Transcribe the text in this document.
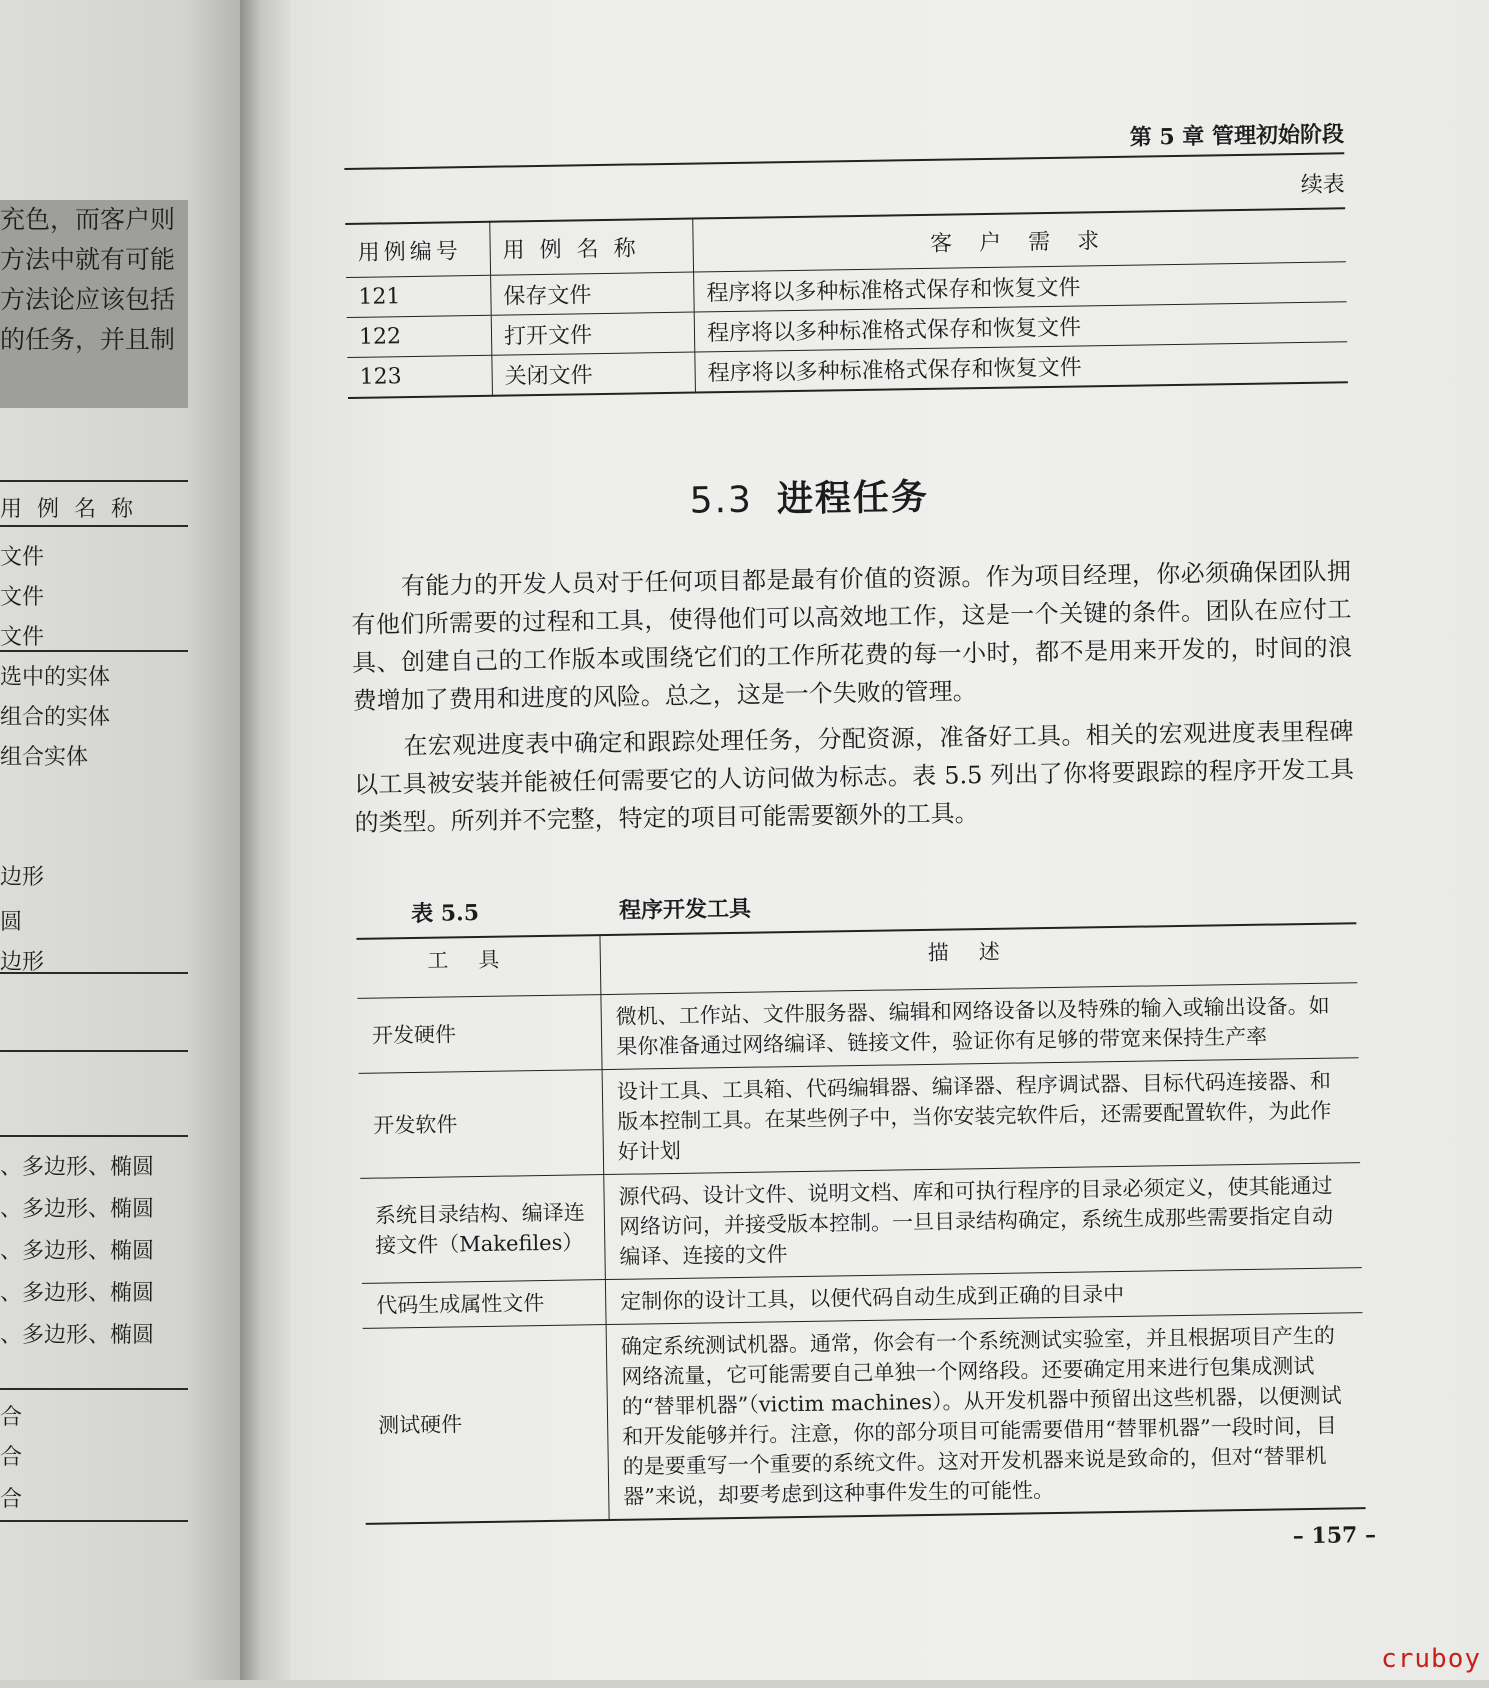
充色，而客户则
方法中就有可能
方法论应该包括
的任务，并且制
用 例 名 称
文件
文件
文件
选中的实体
组合的实体
组合实体
边形
圆
边形
、多边形、椭圆
、多边形、椭圆
、多边形、椭圆
、多边形、椭圆
、多边形、椭圆
合
合
合
第 5 章 管理初始阶段
续表
用例编号	用 例 名 称	客 户 需 求
121	保存文件	程序将以多种标准格式保存和恢复文件
122	打开文件	程序将以多种标准格式保存和恢复文件
123	关闭文件	程序将以多种标准格式保存和恢复文件
5.3 进程任务

有能力的开发人员对于任何项目都是最有价值的资源。作为项目经理，你必须确保团队拥有他们所需要的过程和工具，使得他们可以高效地工作，这是一个关键的条件。团队在应付工具、创建自己的工作版本或围绕它们的工作所花费的每一小时，都不是用来开发的，时间的浪费增加了费用和进度的风险。总之，这是一个失败的管理。

在宏观进度表中确定和跟踪处理任务，分配资源，准备好工具。相关的宏观进度表里程碑以工具被安装并能被任何需要它的人访问做为标志。表 5.5 列出了你将要跟踪的程序开发工具的类型。所列并不完整，特定的项目可能需要额外的工具。

表 5.5	程序开发工具
工具	描述
开发硬件	微机、工作站、文件服务器、编辑和网络设备以及特殊的输入或输出设备。如果你准备通过网络编译、链接文件，验证你有足够的带宽来保持生产率
开发软件	设计工具、工具箱、代码编辑器、编译器、程序调试器、目标代码连接器、和版本控制工具。在某些例子中，当你安装完软件后，还需要配置软件，为此作好计划
系统目录结构、编译连接文件（Makefiles）	源代码、设计文件、说明文档、库和可执行程序的目录必须定义，使其能通过网络访问，并接受版本控制。一旦目录结构确定，系统生成那些需要指定自动编译、连接的文件
代码生成属性文件	定制你的设计工具，以便代码自动生成到正确的目录中
测试硬件	确定系统测试机器。通常，你会有一个系统测试实验室，并且根据项目产生的网络流量，它可能需要自己单独一个网络段。还要确定用来进行包集成测试的“替罪机器”（victim machines）。从开发机器中预留出这些机器，以便测试和开发能够并行。注意，你的部分项目可能需要借用“替罪机器”一段时间，目的是要重写一个重要的系统文件。这对开发机器来说是致命的，但对“替罪机器”来说，却要考虑到这种事件发生的可能性。
– 157 –
cruboy
